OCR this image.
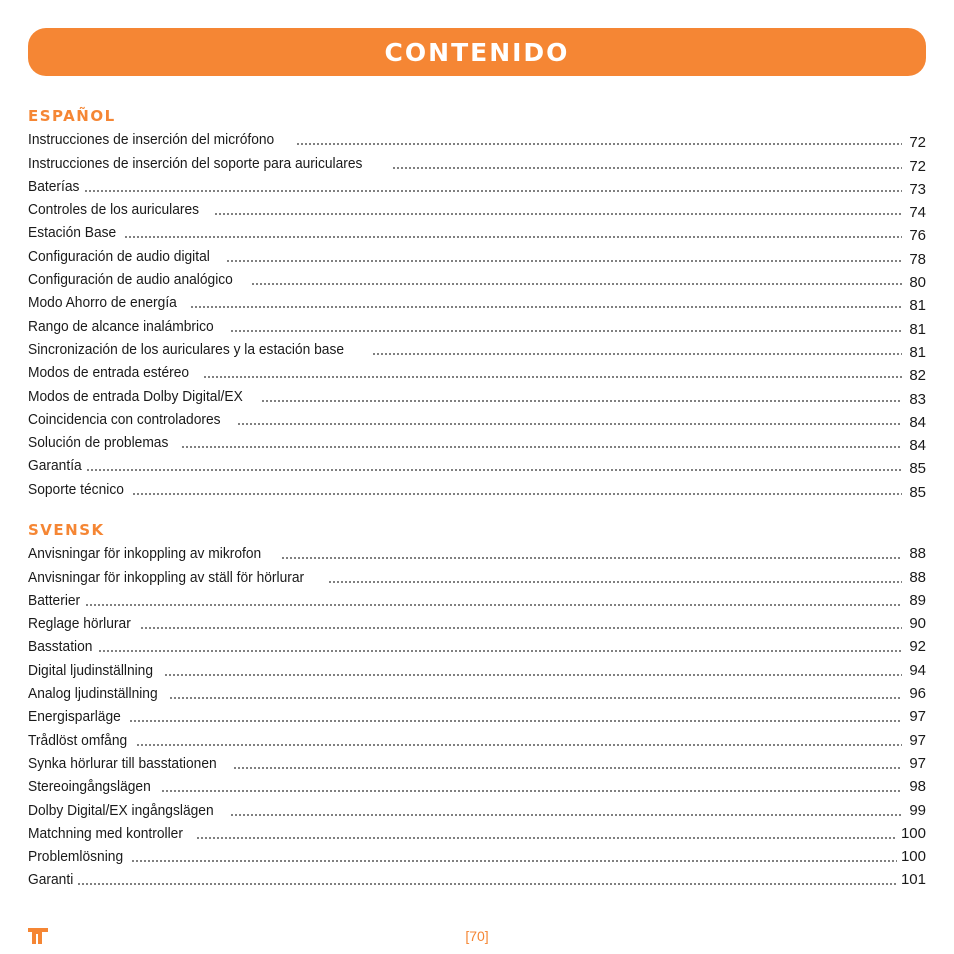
CONTENIDO
ESPAÑOL
Instrucciones de inserción del micrófono	72
Instrucciones de inserción del soporte para auriculares	72
Baterías	73
Controles de los auriculares	74
Estación Base	76
Configuración de audio digital	78
Configuración de audio analógico	80
Modo Ahorro de energía	81
Rango de alcance inalámbrico	81
Sincronización de los auriculares y la estación base	81
Modos de entrada estéreo	82
Modos de entrada Dolby Digital/EX	83
Coincidencia con controladores	84
Solución de problemas	84
Garantía	85
Soporte técnico	85
SVENSK
Anvisningar för inkoppling av mikrofon	88
Anvisningar för inkoppling av ställ för hörlurar	88
Batterier	89
Reglage hörlurar	90
Basstation	92
Digital ljudinställning	94
Analog ljudinställning	96
Energisparläge	97
Trådlöst omfång	97
Synka hörlurar till basstationen	97
Stereoingångslägen	98
Dolby Digital/EX ingångslägen	99
Matchning med kontroller	100
Problemlösning	100
Garanti	101
[70]
